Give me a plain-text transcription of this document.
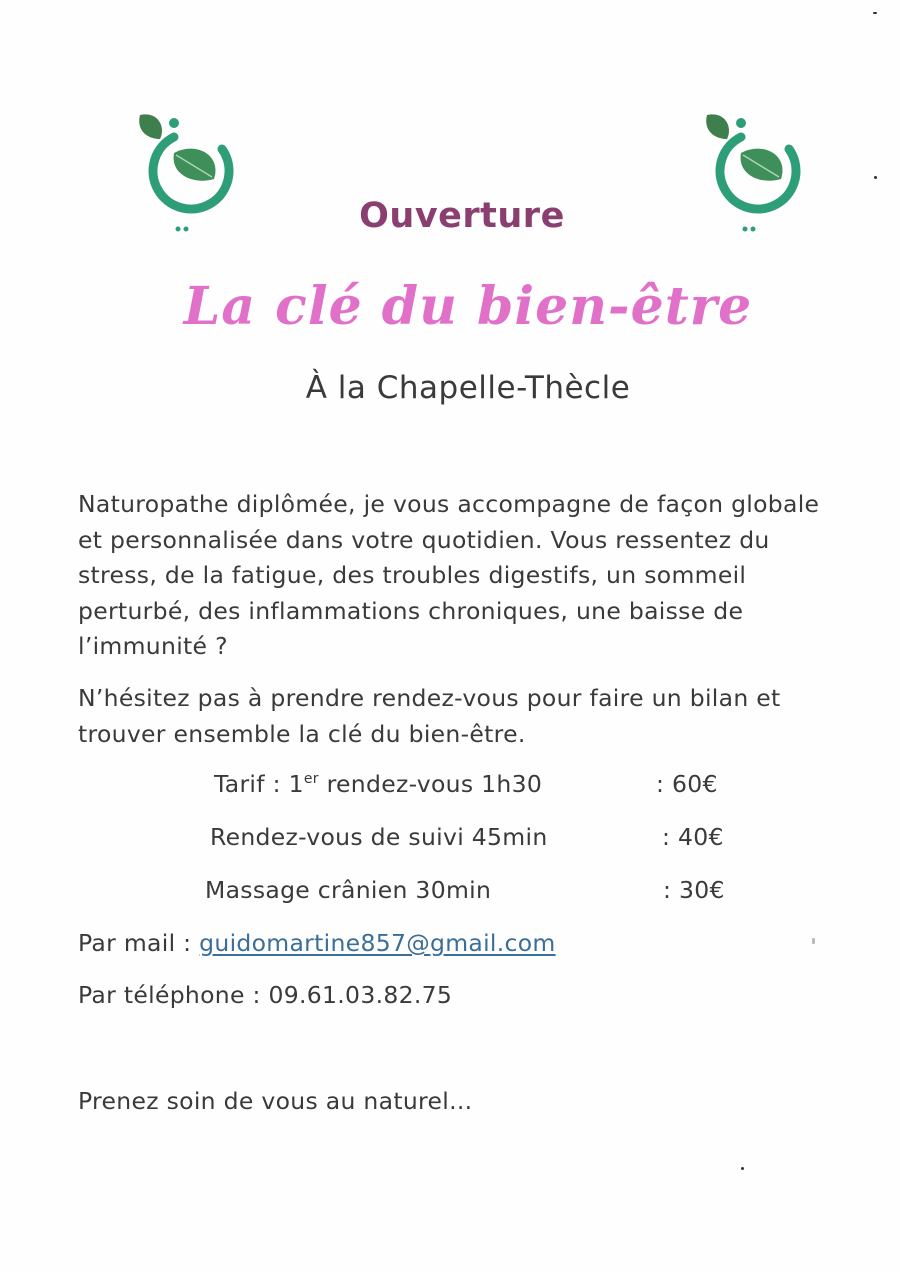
Ouverture
La clé du bien-être
À la Chapelle-Thècle
Naturopathe diplômée, je vous accompagne de façon globale et personnalisée dans votre quotidien. Vous ressentez du stress, de la fatigue, des troubles digestifs, un sommeil perturbé, des inflammations chroniques, une baisse de l’immunité ?
N’hésitez pas à prendre rendez-vous pour faire un bilan et trouver ensemble la clé du bien-être.
Tarif : 1er rendez-vous 1h30	: 60€
Rendez-vous de suivi 45min	: 40€
Massage crânien 30min	: 30€
Par mail : guidomartine857@gmail.com
Par téléphone : 09.61.03.82.75
Prenez soin de vous au naturel...
